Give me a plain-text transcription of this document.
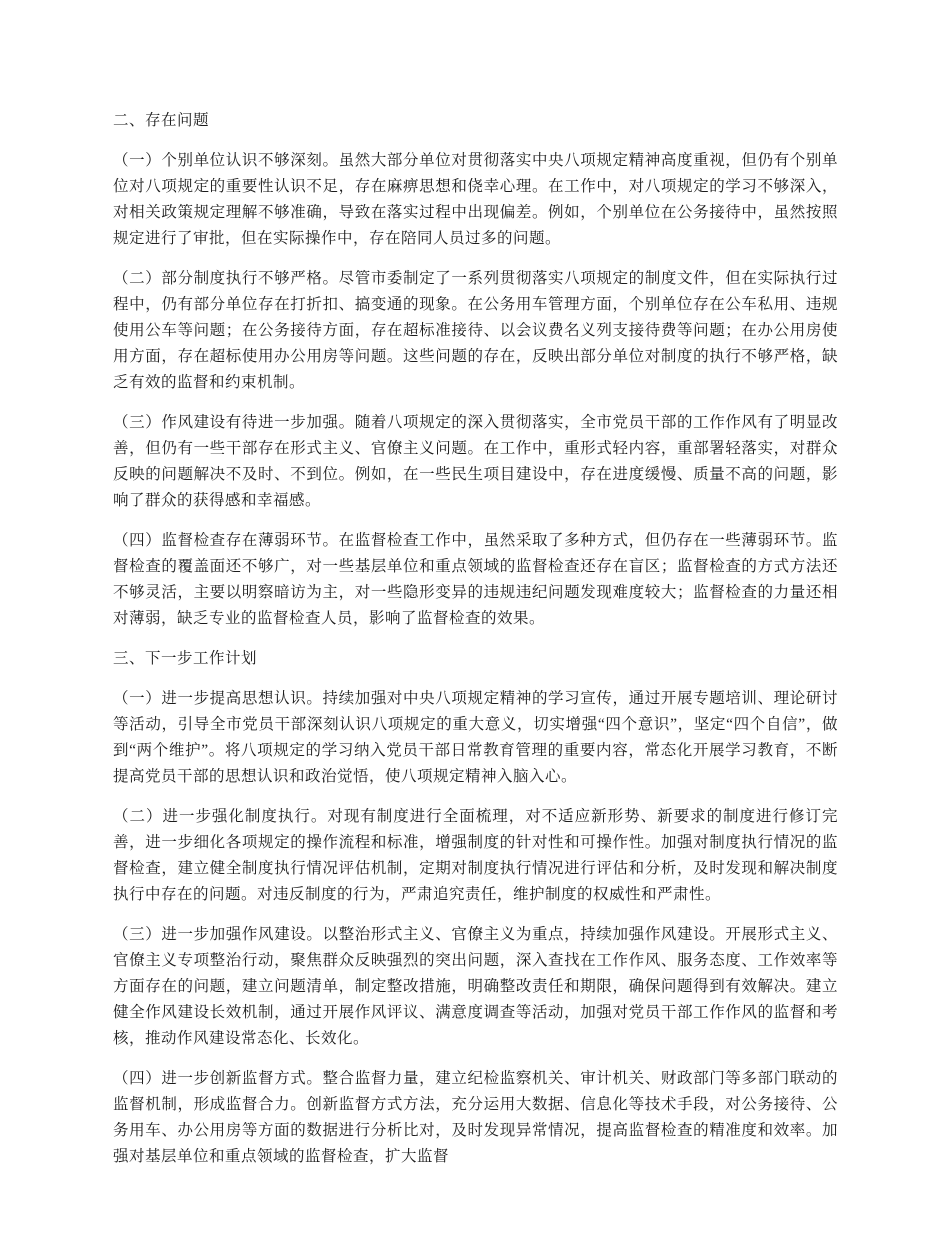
二、存在问题
（一）个别单位认识不够深刻。虽然大部分单位对贯彻落实中央八项规定精神高度重视，但仍有个别单位对八项规定的重要性认识不足，存在麻痹思想和侥幸心理。在工作中，对八项规定的学习不够深入，对相关政策规定理解不够准确，导致在落实过程中出现偏差。例如，个别单位在公务接待中，虽然按照规定进行了审批，但在实际操作中，存在陪同人员过多的问题。
（二）部分制度执行不够严格。尽管市委制定了一系列贯彻落实八项规定的制度文件，但在实际执行过程中，仍有部分单位存在打折扣、搞变通的现象。在公务用车管理方面，个别单位存在公车私用、违规使用公车等问题；在公务接待方面，存在超标准接待、以会议费名义列支接待费等问题；在办公用房使用方面，存在超标使用办公用房等问题。这些问题的存在，反映出部分单位对制度的执行不够严格，缺乏有效的监督和约束机制。
（三）作风建设有待进一步加强。随着八项规定的深入贯彻落实，全市党员干部的工作作风有了明显改善，但仍有一些干部存在形式主义、官僚主义问题。在工作中，重形式轻内容，重部署轻落实，对群众反映的问题解决不及时、不到位。例如，在一些民生项目建设中，存在进度缓慢、质量不高的问题，影响了群众的获得感和幸福感。
（四）监督检查存在薄弱环节。在监督检查工作中，虽然采取了多种方式，但仍存在一些薄弱环节。监督检查的覆盖面还不够广，对一些基层单位和重点领域的监督检查还存在盲区；监督检查的方式方法还不够灵活，主要以明察暗访为主，对一些隐形变异的违规违纪问题发现难度较大；监督检查的力量还相对薄弱，缺乏专业的监督检查人员，影响了监督检查的效果。
三、下一步工作计划
（一）进一步提高思想认识。持续加强对中央八项规定精神的学习宣传，通过开展专题培训、理论研讨等活动，引导全市党员干部深刻认识八项规定的重大意义，切实增强“四个意识”，坚定“四个自信”，做到“两个维护”。将八项规定的学习纳入党员干部日常教育管理的重要内容，常态化开展学习教育，不断提高党员干部的思想认识和政治觉悟，使八项规定精神入脑入心。
（二）进一步强化制度执行。对现有制度进行全面梳理，对不适应新形势、新要求的制度进行修订完善，进一步细化各项规定的操作流程和标准，增强制度的针对性和可操作性。加强对制度执行情况的监督检查，建立健全制度执行情况评估机制，定期对制度执行情况进行评估和分析，及时发现和解决制度执行中存在的问题。对违反制度的行为，严肃追究责任，维护制度的权威性和严肃性。
（三）进一步加强作风建设。以整治形式主义、官僚主义为重点，持续加强作风建设。开展形式主义、官僚主义专项整治行动，聚焦群众反映强烈的突出问题，深入查找在工作作风、服务态度、工作效率等方面存在的问题，建立问题清单，制定整改措施，明确整改责任和期限，确保问题得到有效解决。建立健全作风建设长效机制，通过开展作风评议、满意度调查等活动，加强对党员干部工作作风的监督和考核，推动作风建设常态化、长效化。
（四）进一步创新监督方式。整合监督力量，建立纪检监察机关、审计机关、财政部门等多部门联动的监督机制，形成监督合力。创新监督方式方法，充分运用大数据、信息化等技术手段，对公务接待、公务用车、办公用房等方面的数据进行分析比对，及时发现异常情况，提高监督检查的精准度和效率。加强对基层单位和重点领域的监督检查，扩大监督
